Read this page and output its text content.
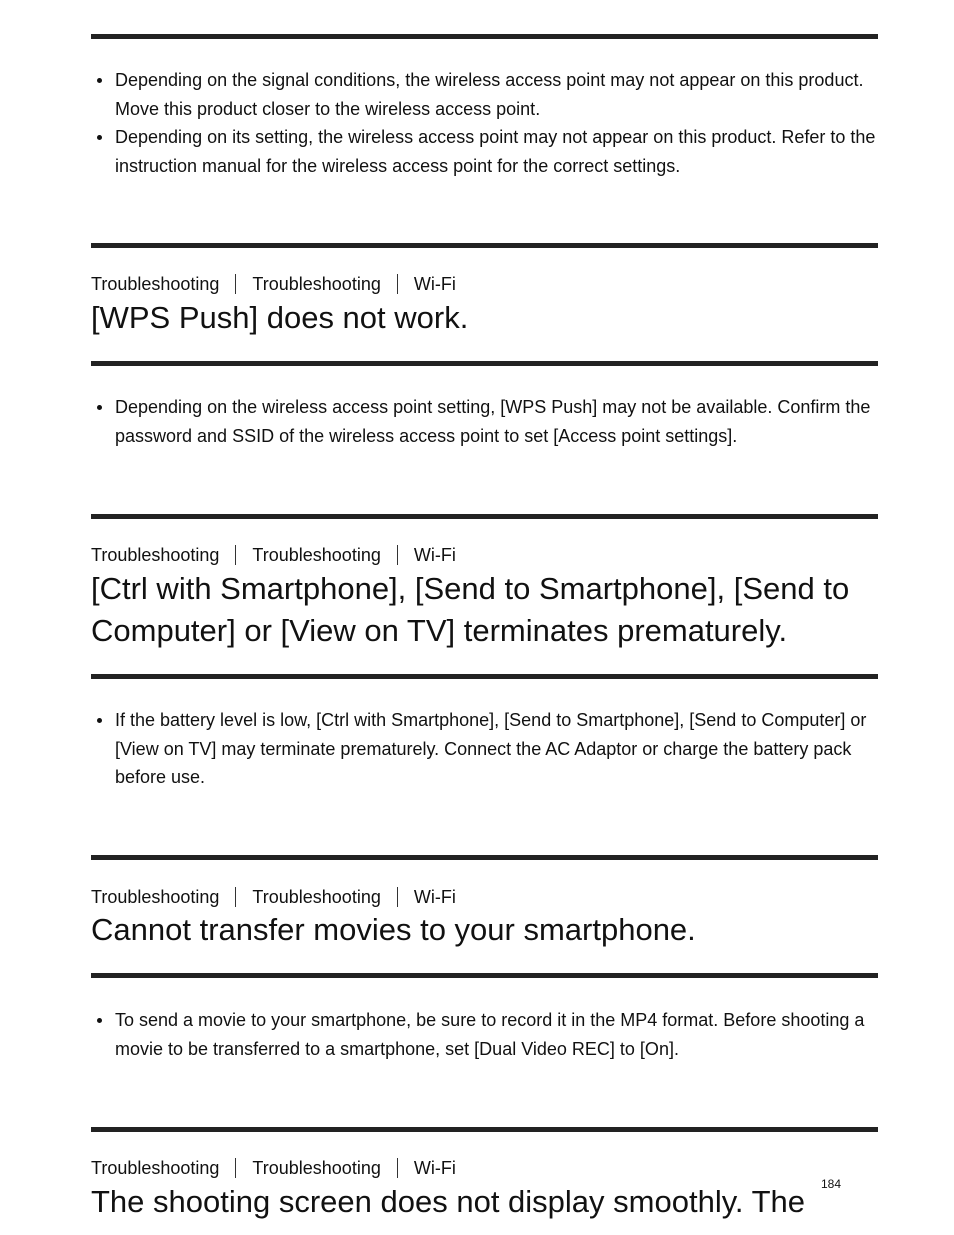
Depending on the signal conditions, the wireless access point may not appear on this product. Move this product closer to the wireless access point.
Depending on its setting, the wireless access point may not appear on this product. Refer to the instruction manual for the wireless access point for the correct settings.
Troubleshooting Troubleshooting Wi-Fi
[WPS Push] does not work.
Depending on the wireless access point setting, [WPS Push] may not be available. Confirm the password and SSID of the wireless access point to set [Access point settings].
Troubleshooting Troubleshooting Wi-Fi
[Ctrl with Smartphone], [Send to Smartphone], [Send to Computer] or [View on TV] terminates prematurely.
If the battery level is low, [Ctrl with Smartphone], [Send to Smartphone], [Send to Computer] or [View on TV] may terminate prematurely. Connect the AC Adaptor or charge the battery pack before use.
Troubleshooting Troubleshooting Wi-Fi
Cannot transfer movies to your smartphone.
To send a movie to your smartphone, be sure to record it in the MP4 format. Before shooting a movie to be transferred to a smartphone, set [Dual Video REC] to [On].
Troubleshooting Troubleshooting Wi-Fi
The shooting screen does not display smoothly. The	184
